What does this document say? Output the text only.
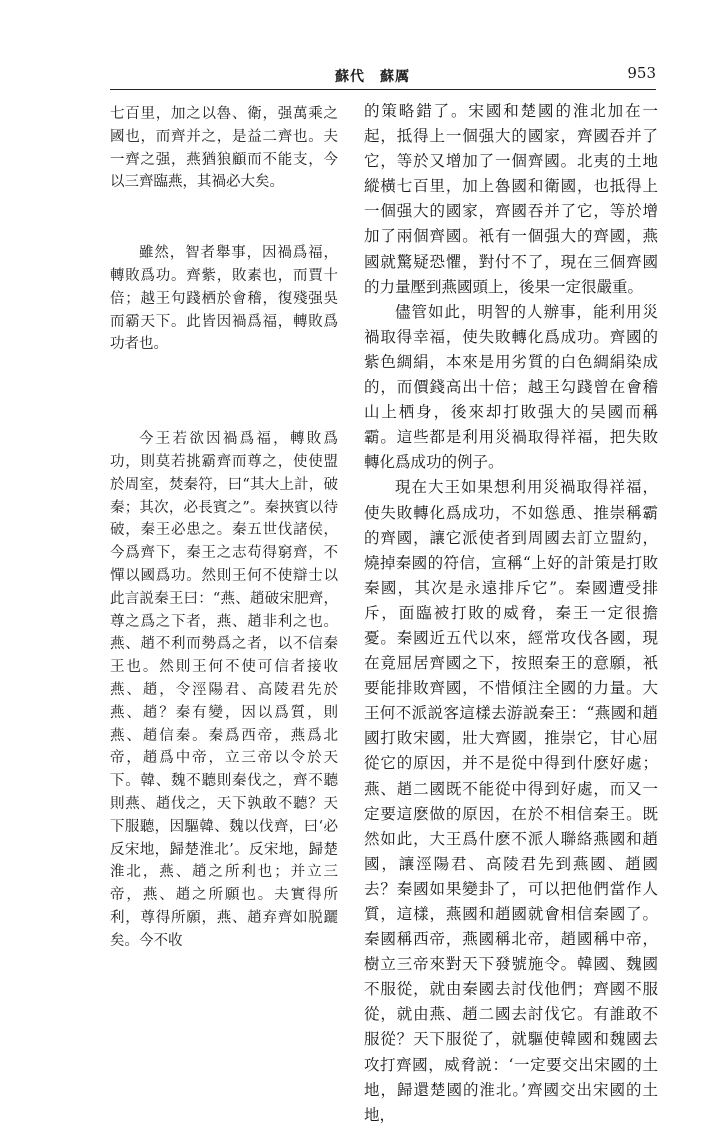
蘇代　蘇厲	953

七百里，加之以魯、衛，强萬乘之國也，而齊并之，是益二齊也。夫一齊之强，燕猶狼顧而不能支，今以三齊臨燕，其禍必大矣。

雖然，智者舉事，因禍爲福，轉敗爲功。齊紫，敗素也，而賈十倍；越王句踐栖於會稽，復殘强吳而霸天下。此皆因禍爲福，轉敗爲功者也。

今王若欲因禍爲福，轉敗爲功，則莫若挑霸齊而尊之，使使盟於周室，焚秦符，曰“其大上計，破秦；其次，必長賓之”。秦挾賓以待破，秦王必患之。秦五世伐諸侯，今爲齊下，秦王之志苟得窮齊，不憚以國爲功。然則王何不使辯士以此言説秦王曰：“燕、趙破宋肥齊，尊之爲之下者，燕、趙非利之也。燕、趙不利而勢爲之者，以不信秦王也。然則王何不使可信者接收燕、趙，令涇陽君、高陵君先於燕、趙？秦有變，因以爲質，則燕、趙信秦。秦爲西帝，燕爲北帝，趙爲中帝，立三帝以令於天下。韓、魏不聽則秦伐之，齊不聽則燕、趙伐之，天下孰敢不聽？天下服聽，因驅韓、魏以伐齊，曰‘必反宋地，歸楚淮北’。反宋地，歸楚淮北，燕、趙之所利也；并立三帝，燕、趙之所願也。夫實得所利，尊得所願，燕、趙弃齊如脱躧矣。今不收

的策略錯了。宋國和楚國的淮北加在一起，抵得上一個强大的國家，齊國吞并了它，等於又增加了一個齊國。北夷的土地縱橫七百里，加上魯國和衛國，也抵得上一個强大的國家，齊國吞并了它，等於增加了兩個齊國。衹有一個强大的齊國，燕國就驚疑恐懼，對付不了，現在三個齊國的力量壓到燕國頭上，後果一定很嚴重。

儘管如此，明智的人辦事，能利用災禍取得幸福，使失敗轉化爲成功。齊國的紫色綢絹，本來是用劣質的白色綢絹染成的，而價錢高出十倍；越王勾踐曾在會稽山上栖身，後來却打敗强大的吴國而稱霸。這些都是利用災禍取得祥福，把失敗轉化爲成功的例子。

現在大王如果想利用災禍取得祥福，使失敗轉化爲成功，不如慫恿、推崇稱霸的齊國，讓它派使者到周國去訂立盟約，燒掉秦國的符信，宣稱“上好的計策是打敗秦國，其次是永遠排斥它”。秦國遭受排斥，面臨被打敗的威脅，秦王一定很擔憂。秦國近五代以來，經常攻伐各國，現在竟屈居齊國之下，按照秦王的意願，衹要能排敗齊國，不惜傾注全國的力量。大王何不派説客這樣去游説秦王：“燕國和趙國打敗宋國，壯大齊國，推崇它，甘心屈從它的原因，并不是從中得到什麽好處；燕、趙二國既不能從中得到好處，而又一定要這麽做的原因，在於不相信秦王。既然如此，大王爲什麽不派人聯絡燕國和趙國，讓涇陽君、高陵君先到燕國、趙國去？秦國如果變卦了，可以把他們當作人質，這樣，燕國和趙國就會相信秦國了。秦國稱西帝，燕國稱北帝，趙國稱中帝，樹立三帝來對天下發號施令。韓國、魏國不服從，就由秦國去討伐他們；齊國不服從，就由燕、趙二國去討伐它。有誰敢不服從？天下服從了，就驅使韓國和魏國去攻打齊國，威脅説：‘一定要交出宋國的土地，歸還楚國的淮北。’齊國交出宋國的土地，
